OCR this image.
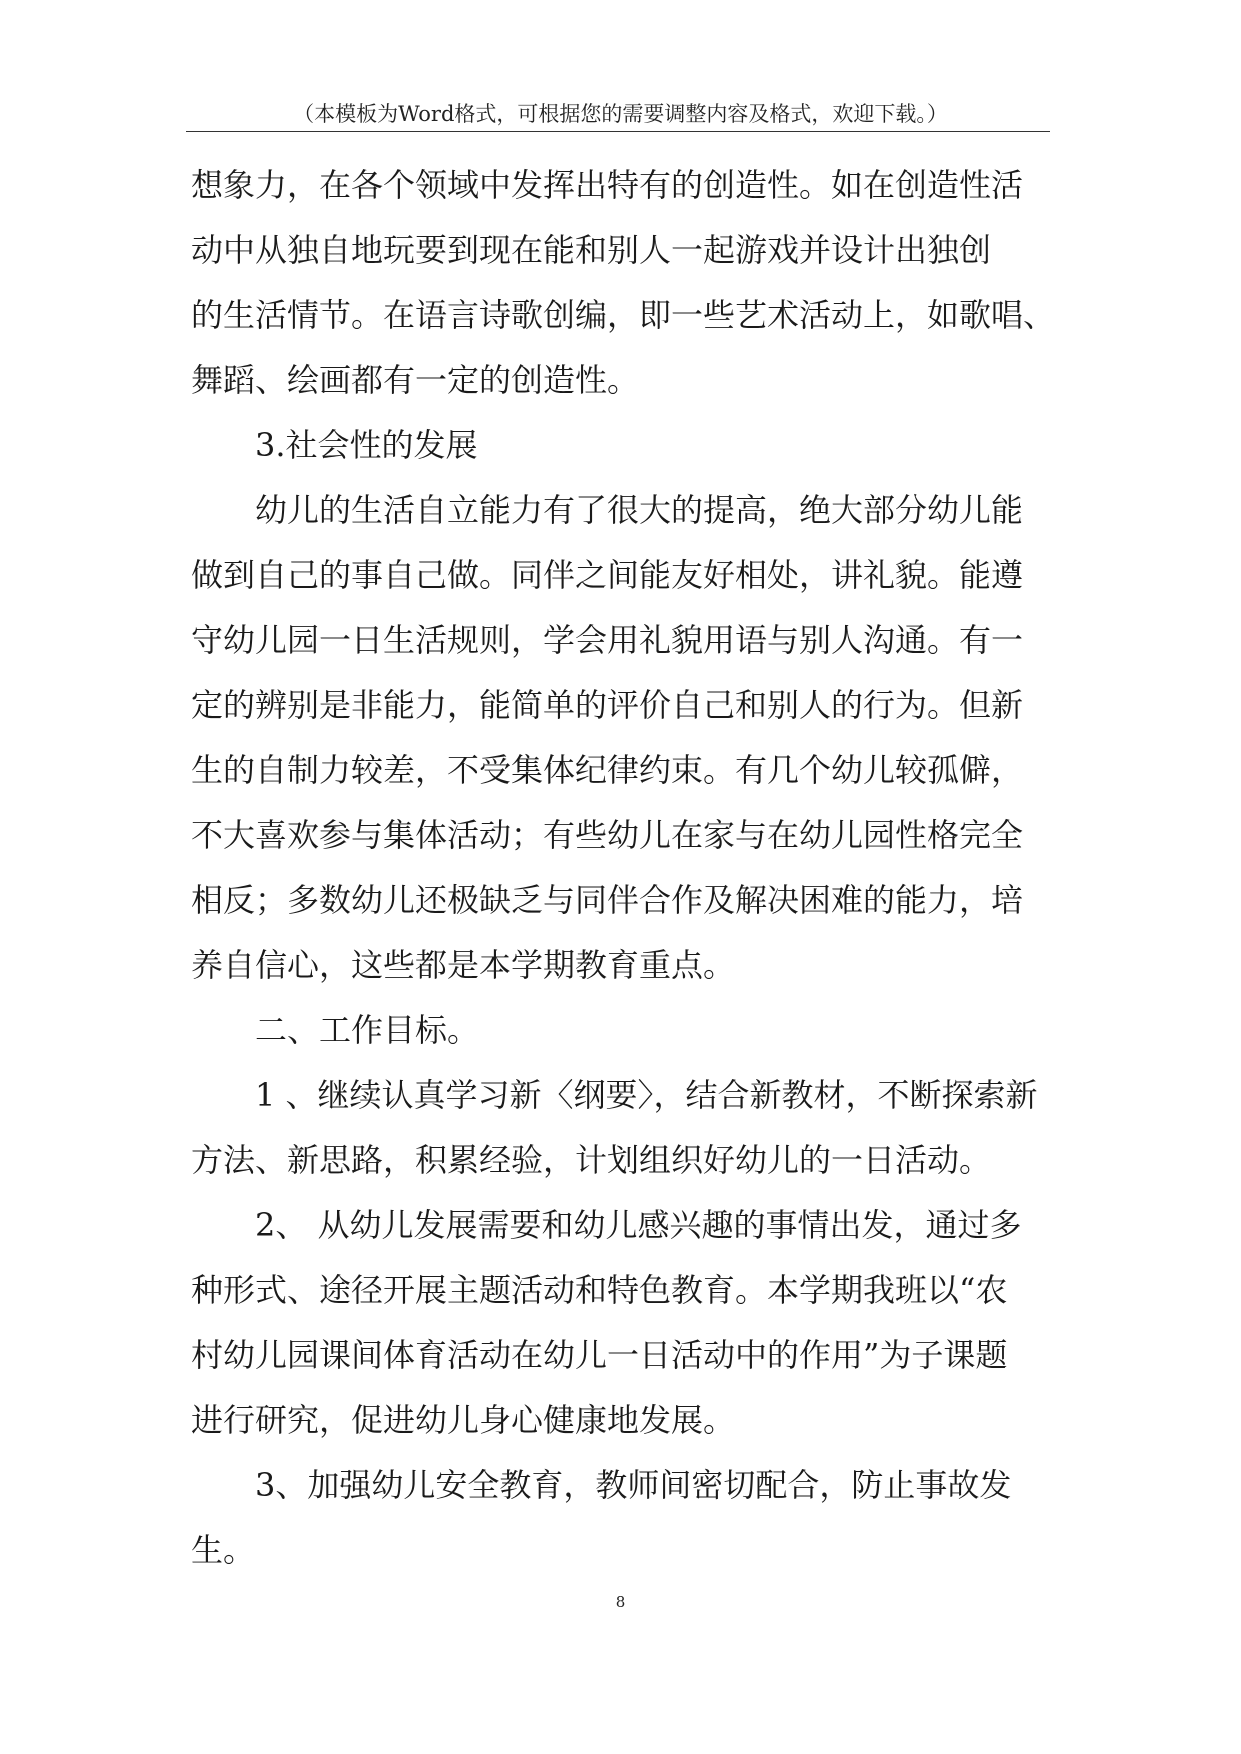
（本模板为Word格式，可根据您的需要调整内容及格式，欢迎下载。）

想象力，在各个领域中发挥出特有的创造性。如在创造性活

动中从独自地玩要到现在能和别人一起游戏并设计出独创

的生活情节。在语言诗歌创编，即一些艺术活动上，如歌唱、

舞蹈、绘画都有一定的创造性。

3.社会性的发展

幼儿的生活自立能力有了很大的提高，绝大部分幼儿能

做到自己的事自己做。同伴之间能友好相处，讲礼貌。能遵

守幼儿园一日生活规则，学会用礼貌用语与别人沟通。有一

定的辨别是非能力，能简单的评价自己和别人的行为。但新

生的自制力较差，不受集体纪律约束。有几个幼儿较孤僻，

不大喜欢参与集体活动；有些幼儿在家与在幼儿园性格完全

相反；多数幼儿还极缺乏与同伴合作及解决困难的能力，培

养自信心，这些都是本学期教育重点。

二、工作目标。

1 、继续认真学习新〈纲要〉，结合新教材，不断探索新

方法、新思路，积累经验，计划组织好幼儿的一日活动。

2、 从幼儿发展需要和幼儿感兴趣的事情出发，通过多

种形式、途径开展主题活动和特色教育。本学期我班以“农

村幼儿园课间体育活动在幼儿一日活动中的作用”为子课题

进行研究，促进幼儿身心健康地发展。

3、加强幼儿安全教育，教师间密切配合，防止事故发

生。

8
